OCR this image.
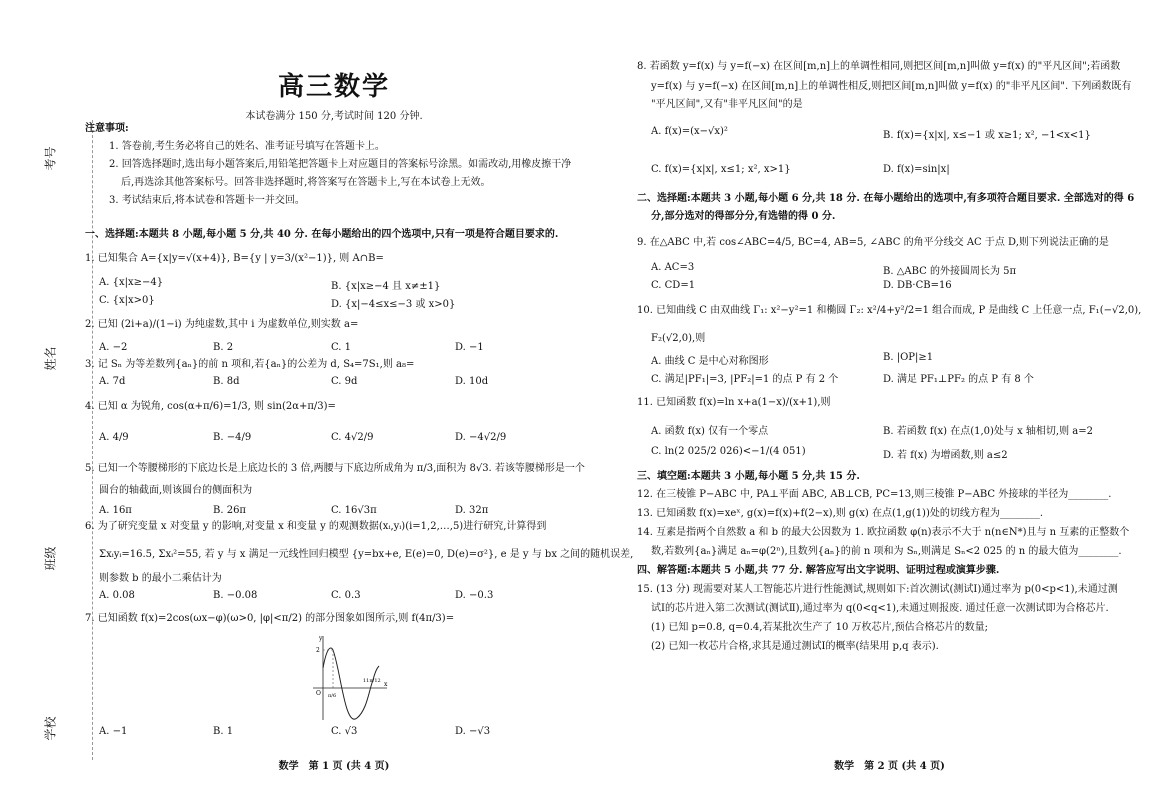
考号
姓名
班级
学校
高三数学
本试卷满分 150 分,考试时间 120 分钟.
注意事项:
1. 答卷前,考生务必将自己的姓名、准考证号填写在答题卡上。
2. 回答选择题时,选出每小题答案后,用铅笔把答题卡上对应题目的答案标号涂黑。如需改动,用橡皮擦干净
后,再选涂其他答案标号。回答非选择题时,将答案写在答题卡上,写在本试卷上无效。
3. 考试结束后,将本试卷和答题卡一并交回。
一、选择题:本题共 8 小题,每小题 5 分,共 40 分. 在每小题给出的四个选项中,只有一项是符合题目要求的.
1. 已知集合 A={x|y=√(x+4)}, B={y | y=3/(x²−1)}, 则 A∩B=
A. {x|x≥−4}	B. {x|x≥−4 且 x≠±1}
C. {x|x>0}	D. {x|−4≤x≤−3 或 x>0}
2. 已知 (2i+a)/(1−i) 为纯虚数,其中 i 为虚数单位,则实数 a=
A. −2	B. 2	C. 1	D. −1
3. 记 Sₙ 为等差数列{aₙ}的前 n 项和,若{aₙ}的公差为 d, S₄=7S₁,则 a₈=
A. 7d	B. 8d	C. 9d	D. 10d
4. 已知 α 为锐角, cos(α+π/6)=1/3, 则 sin(2α+π/3)=
A. 4/9	B. −4/9	C. 4√2/9	D. −4√2/9
5. 已知一个等腰梯形的下底边长是上底边长的 3 倍,两腰与下底边所成角为 π/3,面积为 8√3. 若该等腰梯形是一个
圆台的轴截面,则该圆台的侧面积为
A. 16π	B. 26π	C. 16√3π	D. 32π
6. 为了研究变量 x 对变量 y 的影响,对变量 x 和变量 y 的观测数据(xᵢ,yᵢ)(i=1,2,…,5)进行研究,计算得到
Σxᵢyᵢ=16.5, Σxᵢ²=55, 若 y 与 x 满足一元线性回归模型 {y=bx+e, E(e)=0, D(e)=σ²}, e 是 y 与 bx 之间的随机误差,
则参数 b 的最小二乘估计为
A. 0.08	B. −0.08	C. 0.3	D. −0.3
7. 已知函数 f(x)=2cos(ωx−φ)(ω>0, |φ|<π/2) 的部分图象如图所示,则 f(4π/3)=
y
2
x
O π/6
11π/12
A. −1	B. 1	C. √3	D. −√3
数学　第 1 页 (共 4 页)
8. 若函数 y=f(x) 与 y=f(−x) 在区间[m,n]上的单调性相同,则把区间[m,n]叫做 y=f(x) 的"平凡区间";若函数
y=f(x) 与 y=f(−x) 在区间[m,n]上的单调性相反,则把区间[m,n]叫做 y=f(x) 的"非平凡区间". 下列函数既有
"平凡区间",又有"非平凡区间"的是
A. f(x)=(x−√x)²	B. f(x)={x|x|, x≤−1 或 x≥1; x², −1<x<1}
C. f(x)={x|x|, x≤1; x², x>1}	D. f(x)=sin|x|
二、选择题:本题共 3 小题,每小题 6 分,共 18 分. 在每小题给出的选项中,有多项符合题目要求. 全部选对的得 6
分,部分选对的得部分分,有选错的得 0 分.
9. 在△ABC 中,若 cos∠ABC=4/5, BC=4, AB=5, ∠ABC 的角平分线交 AC 于点 D,则下列说法正确的是
A. AC=3	B. △ABC 的外接圆周长为 5π
C. CD=1	D. DB·CB=16
10. 已知曲线 C 由双曲线 Γ₁: x²−y²=1 和椭圆 Γ₂: x²/4+y²/2=1 组合而成, P 是曲线 C 上任意一点, F₁(−√2,0),
F₂(√2,0),则
A. 曲线 C 是中心对称图形	B. |OP|≥1
C. 满足|PF₁|=3, |PF₂|=1 的点 P 有 2 个	D. 满足 PF₁⊥PF₂ 的点 P 有 8 个
11. 已知函数 f(x)=ln x+a(1−x)/(x+1),则
A. 函数 f(x) 仅有一个零点	B. 若函数 f(x) 在点(1,0)处与 x 轴相切,则 a=2
C. ln(2 025/2 026)<−1/(4 051)	D. 若 f(x) 为增函数,则 a≤2
三、填空题:本题共 3 小题,每小题 5 分,共 15 分.
12. 在三棱锥 P−ABC 中, PA⊥平面 ABC, AB⊥CB, PC=13,则三棱锥 P−ABC 外接球的半径为________.
13. 已知函数 f(x)=xeˣ, g(x)=f(x)+f(2−x),则 g(x) 在点(1,g(1))处的切线方程为________.
14. 互素是指两个自然数 a 和 b 的最大公因数为 1. 欧拉函数 φ(n)表示不大于 n(n∈N*)且与 n 互素的正整数个
数,若数列{aₙ}满足 aₙ=φ(2ⁿ),且数列{aₙ}的前 n 项和为 Sₙ,则满足 Sₙ<2 025 的 n 的最大值为________.
四、解答题:本题共 5 小题,共 77 分. 解答应写出文字说明、证明过程或演算步骤.
15. (13 分) 现需要对某人工智能芯片进行性能测试,规则如下:首次测试(测试Ⅰ)通过率为 p(0<p<1),未通过测
试Ⅰ的芯片进入第二次测试(测试Ⅱ),通过率为 q(0<q<1),未通过则报废. 通过任意一次测试即为合格芯片.
(1) 已知 p=0.8, q=0.4,若某批次生产了 10 万枚芯片,预估合格芯片的数量;
(2) 已知一枚芯片合格,求其是通过测试Ⅰ的概率(结果用 p,q 表示).
数学　第 2 页 (共 4 页)
